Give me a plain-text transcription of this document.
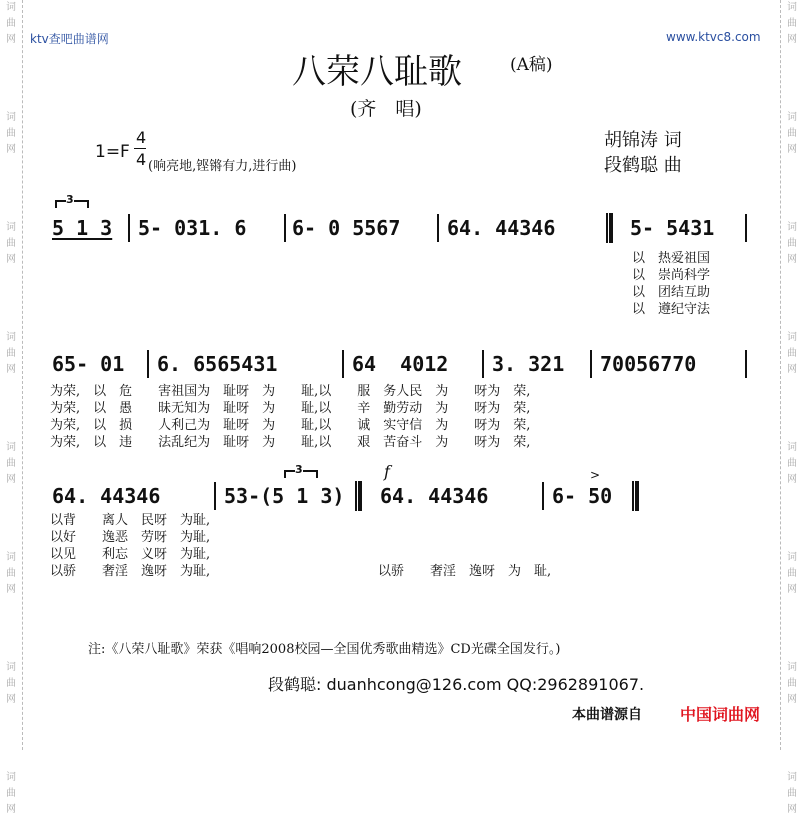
词
曲
网
词
曲
网
词
曲
网
词
曲
网
词
曲
网
词
曲
网
词
曲
网
词
曲
网
词
曲
网
词
曲
网
词
曲
网
词
曲
网
词
曲
网
词
曲
网
词
曲
网
词
曲
网
ktv查吧曲谱网	www.ktvc8.com
八荣八耻歌	(A稿)
(齐　唱)
1=F
4
4 (响亮地,铿锵有力,进行曲)
胡锦涛 词
段鹤聪 曲
3
5 1 3 5- 031. 6 6- 0 5567 64. 44346	5- 5431
以　热爱祖国
以　崇尚科学
以　团结互助
以　遵纪守法
65- 01 6. 6565431	64  4012 3. 321 70056770
为荣,　以　危　　害祖国为　耻呀　为　　耻,以　　服　务人民　为　　呀为　荣,
为荣,　以　愚　　昧无知为　耻呀　为　　耻,以　　辛　勤劳动　为　　呀为　荣,
为荣,　以　损　　人利己为　耻呀　为　　耻,以　　诚　实守信　为　　呀为　荣,
为荣,　以　违　　法乱纪为　耻呀　为　　耻,以　　艰　苦奋斗　为　　呀为　荣,
3	f	>
64. 44346	53-(5 1 3) 64. 44346	6- 50
以背　　离人　民呀　为耻,
以好　　逸恶　劳呀　为耻,
以见　　利忘　义呀　为耻,
以骄　　奢淫　逸呀　为耻,	以骄　　奢淫　逸呀　为　耻,
注:《八荣八耻歌》荣获《唱响2008校园—全国优秀歌曲精选》CD光碟全国发行。)
段鹤聪: duanhcong@126.com QQ:2962891067.
本曲谱源自 中国词曲网
